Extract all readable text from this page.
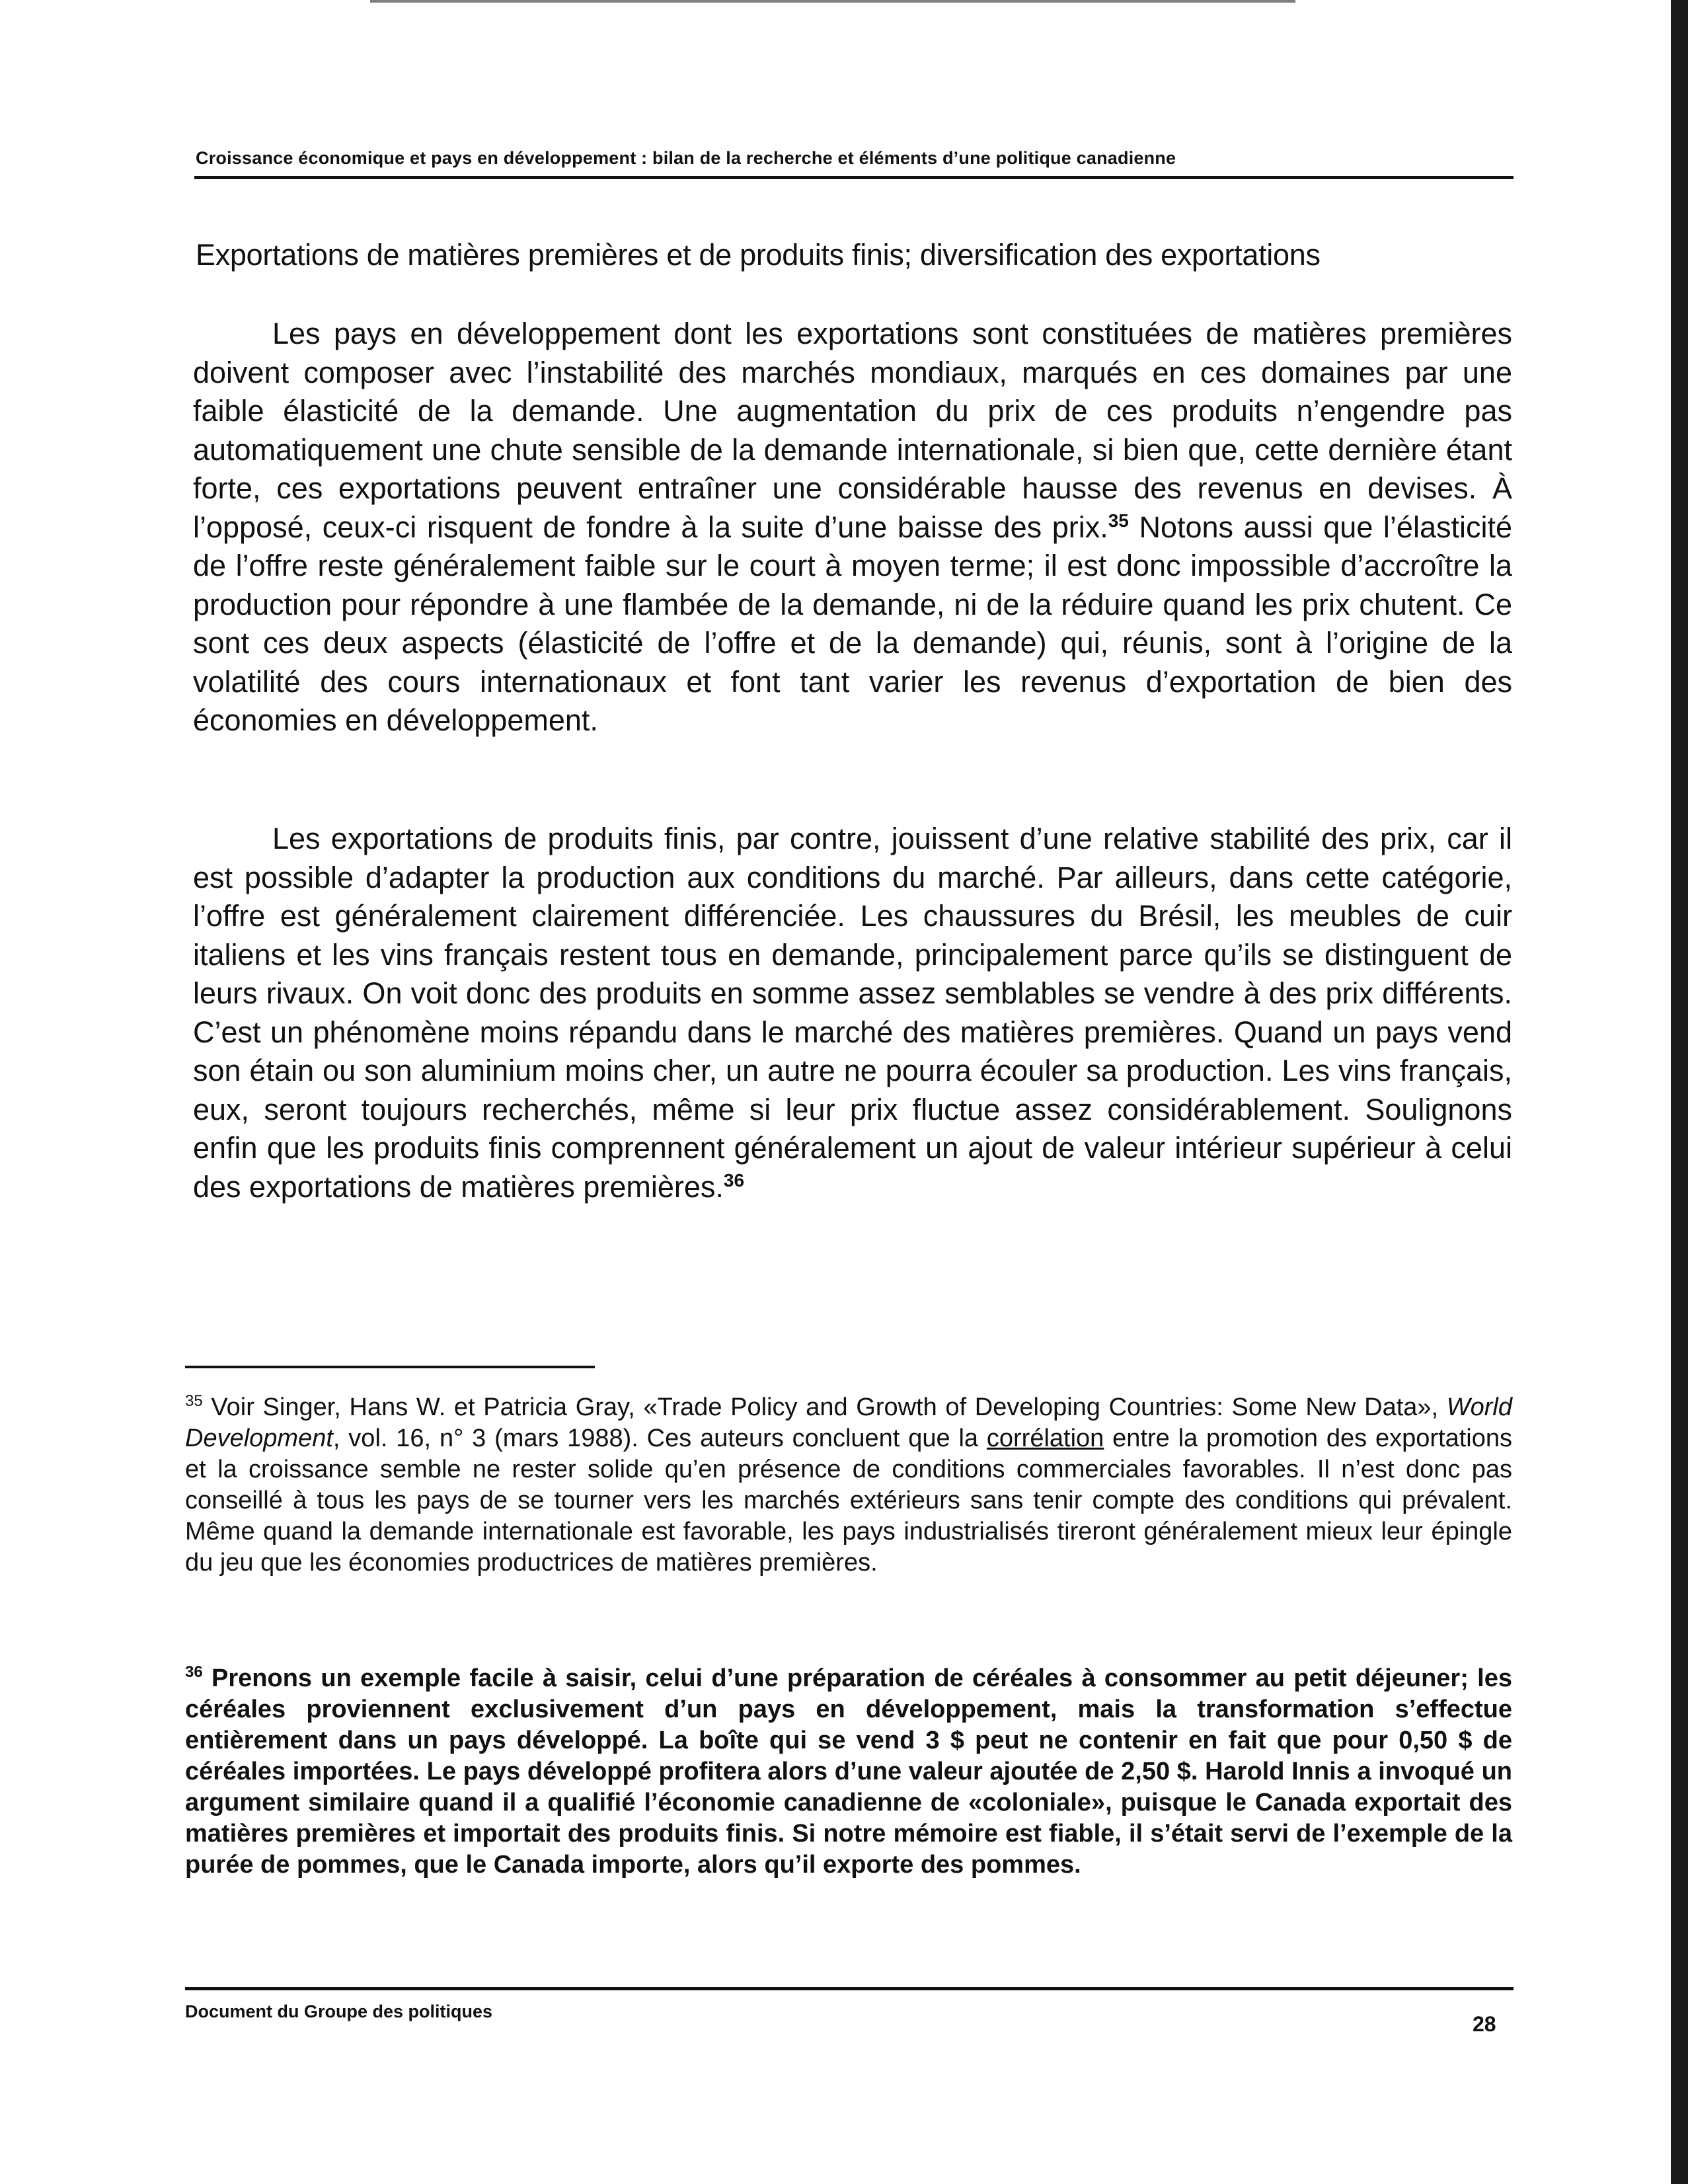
Croissance économique et pays en développement : bilan de la recherche et éléments d’une politique canadienne
Exportations de matières premières et de produits finis; diversification des exportations

Les pays en développement dont les exportations sont constituées de matières premières doivent composer avec l’instabilité des marchés mondiaux, marqués en ces domaines par une faible élasticité de la demande. Une augmentation du prix de ces produits n’engendre pas automatiquement une chute sensible de la demande internationale, si bien que, cette dernière étant forte, ces exportations peuvent entraîner une considérable hausse des revenus en devises. À l’opposé, ceux-ci risquent de fondre à la suite d’une baisse des prix.$^{35}$ Notons aussi que l’élasticité de l’offre reste généralement faible sur le court à moyen terme; il est donc impossible d’accroître la production pour répondre à une flambée de la demande, ni de la réduire quand les prix chutent. Ce sont ces deux aspects (élasticité de l’offre et de la demande) qui, réunis, sont à l’origine de la volatilité des cours internationaux et font tant varier les revenus d’exportation de bien des économies en développement.

Les exportations de produits finis, par contre, jouissent d’une relative stabilité des prix, car il est possible d’adapter la production aux conditions du marché. Par ailleurs, dans cette catégorie, l’offre est généralement clairement différenciée. Les chaussures du Brésil, les meubles de cuir italiens et les vins français restent tous en demande, principalement parce qu’ils se distinguent de leurs rivaux. On voit donc des produits en somme assez semblables se vendre à des prix différents. C’est un phénomène moins répandu dans le marché des matières premières. Quand un pays vend son étain ou son aluminium moins cher, un autre ne pourra écouler sa production. Les vins français, eux, seront toujours recherchés, même si leur prix fluctue assez considérablement. Soulignons enfin que les produits finis comprennent généralement un ajout de valeur intérieur supérieur à celui des exportations de matières premières.$^{36}$

$^{35}$ Voir Singer, Hans W. et Patricia Gray, «Trade Policy and Growth of Developing Countries: Some New Data», World Development, vol. 16, n° 3 (mars 1988). Ces auteurs concluent que la corrélation entre la promotion des exportations et la croissance semble ne rester solide qu’en présence de conditions commerciales favorables. Il n’est donc pas conseillé à tous les pays de se tourner vers les marchés extérieurs sans tenir compte des conditions qui prévalent. Même quand la demande internationale est favorable, les pays industrialisés tireront généralement mieux leur épingle du jeu que les économies productrices de matières premières.

$^{36}$ Prenons un exemple facile à saisir, celui d’une préparation de céréales à consommer au petit déjeuner; les céréales proviennent exclusivement d’un pays en développement, mais la transformation s’effectue entièrement dans un pays développé. La boîte qui se vend 3 $ peut ne contenir en fait que pour 0,50 $ de céréales importées. Le pays développé profitera alors d’une valeur ajoutée de 2,50 $. Harold Innis a invoqué un argument similaire quand il a qualifié l’économie canadienne de «coloniale», puisque le Canada exportait des matières premières et importait des produits finis. Si notre mémoire est fiable, il s’était servi de l’exemple de la purée de pommes, que le Canada importe, alors qu’il exporte des pommes.

Document du Groupe des politiques
28
